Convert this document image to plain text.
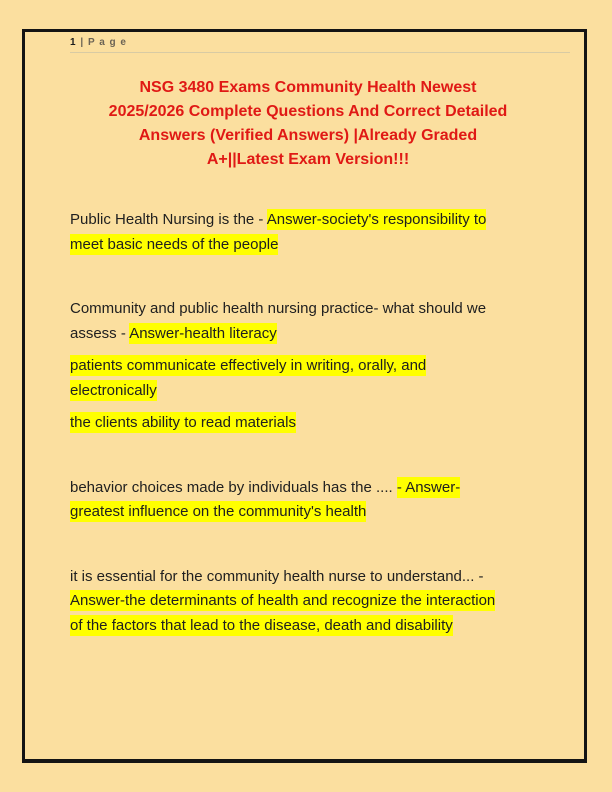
1 | P a g e
NSG 3480 Exams Community Health Newest
2025/2026 Complete Questions And Correct Detailed
Answers (Verified Answers) |Already Graded
A+||Latest Exam Version!!!

Public Health Nursing is the - Answer-society's responsibility to meet basic needs of the people

Community and public health nursing practice- what should we assess - Answer-health literacy

patients communicate effectively in writing, orally, and electronically

the clients ability to read materials

behavior choices made by individuals has the .... - Answer-greatest influence on the community's health

it is essential for the community health nurse to understand... - Answer-the determinants of health and recognize the interaction of the factors that lead to the disease, death and disability
